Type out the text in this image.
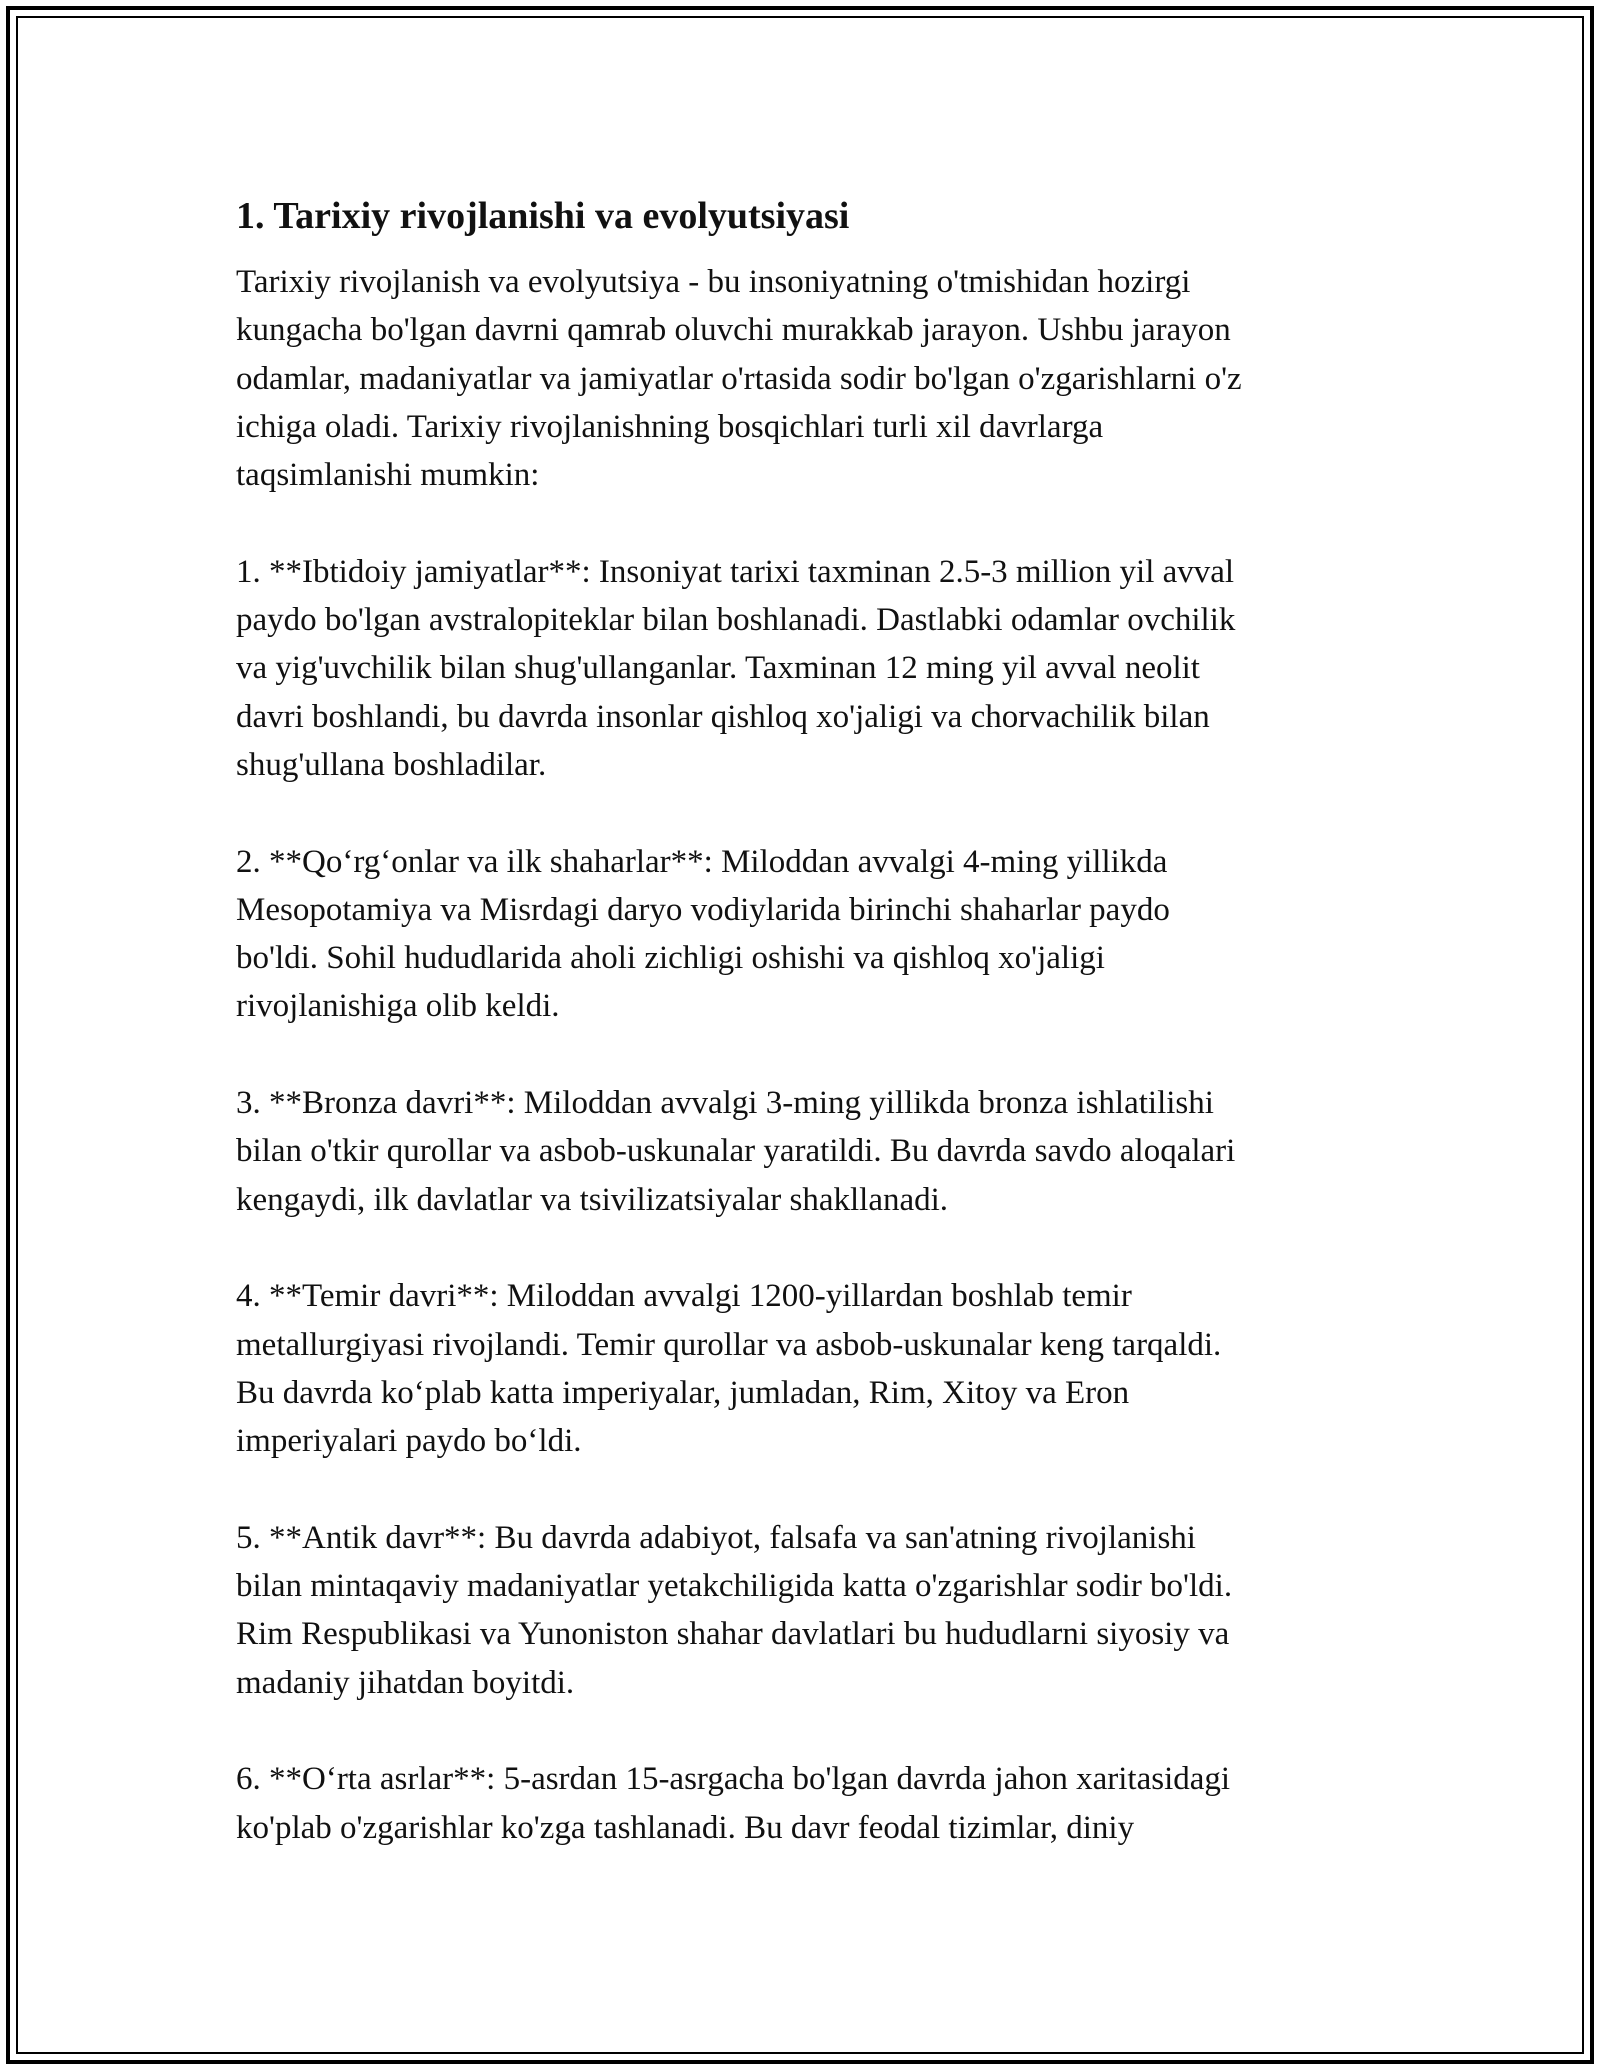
1. Tarixiy rivojlanishi va evolyutsiyasi

Tarixiy rivojlanish va evolyutsiya - bu insoniyatning o'tmishidan hozirgi
kungacha bo'lgan davrni qamrab oluvchi murakkab jarayon. Ushbu jarayon
odamlar, madaniyatlar va jamiyatlar o'rtasida sodir bo'lgan o'zgarishlarni o'z
ichiga oladi. Tarixiy rivojlanishning bosqichlari turli xil davrlarga
taqsimlanishi mumkin:

1. **Ibtidoiy jamiyatlar**: Insoniyat tarixi taxminan 2.5-3 million yil avval
paydo bo'lgan avstralopiteklar bilan boshlanadi. Dastlabki odamlar ovchilik
va yig'uvchilik bilan shug'ullanganlar. Taxminan 12 ming yil avval neolit
davri boshlandi, bu davrda insonlar qishloq xo'jaligi va chorvachilik bilan
shug'ullana boshladilar.

2. **Qoʻrgʻonlar va ilk shaharlar**: Miloddan avvalgi 4-ming yillikda
Mesopotamiya va Misrdagi daryo vodiylarida birinchi shaharlar paydo
bo'ldi. Sohil hududlarida aholi zichligi oshishi va qishloq xo'jaligi
rivojlanishiga olib keldi.

3. **Bronza davri**: Miloddan avvalgi 3-ming yillikda bronza ishlatilishi
bilan o'tkir qurollar va asbob-uskunalar yaratildi. Bu davrda savdo aloqalari
kengaydi, ilk davlatlar va tsivilizatsiyalar shakllanadi.

4. **Temir davri**: Miloddan avvalgi 1200-yillardan boshlab temir
metallurgiyasi rivojlandi. Temir qurollar va asbob-uskunalar keng tarqaldi.
Bu davrda koʻplab katta imperiyalar, jumladan, Rim, Xitoy va Eron
imperiyalari paydo boʻldi.

5. **Antik davr**: Bu davrda adabiyot, falsafa va san'atning rivojlanishi
bilan mintaqaviy madaniyatlar yetakchiligida katta o'zgarishlar sodir bo'ldi.
Rim Respublikasi va Yunoniston shahar davlatlari bu hududlarni siyosiy va
madaniy jihatdan boyitdi.

6. **Oʻrta asrlar**: 5-asrdan 15-asrgacha bo'lgan davrda jahon xaritasidagi
ko'plab o'zgarishlar ko'zga tashlanadi. Bu davr feodal tizimlar, diniy
